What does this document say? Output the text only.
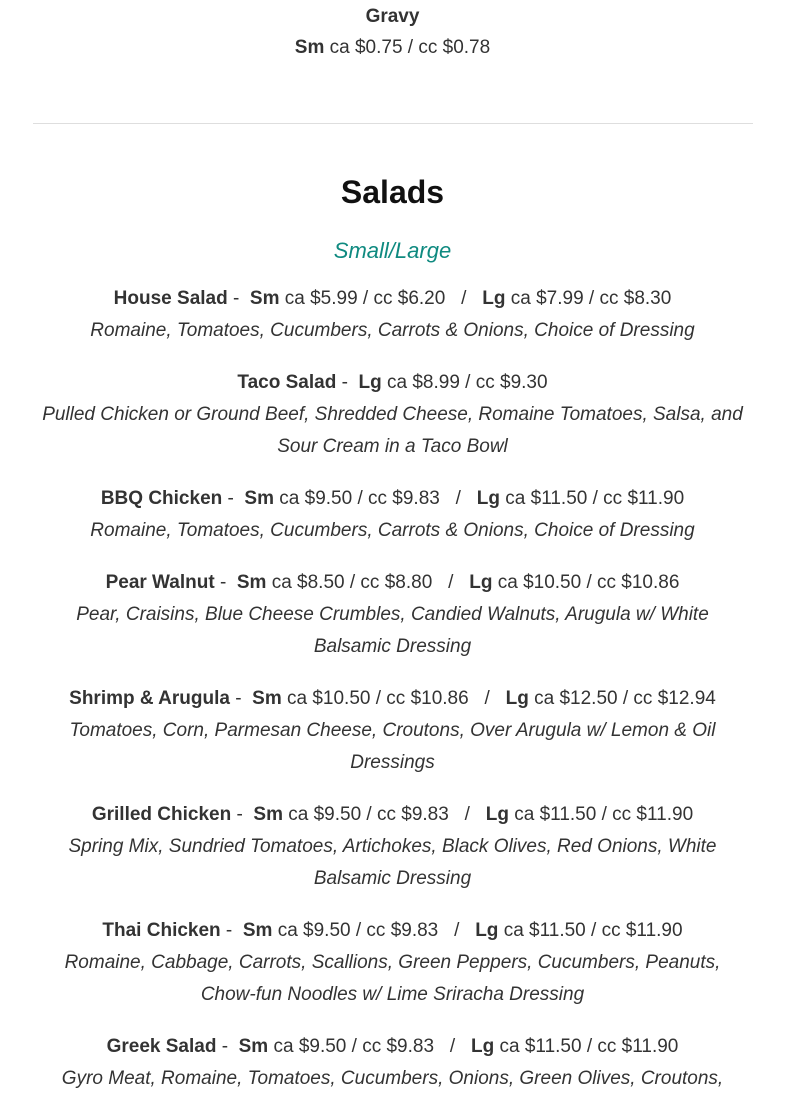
Gravy
Sm ca $0.75 / cc $0.78
Salads
Small/Large
House Salad -  Sm ca $5.99 / cc $6.20   /   Lg ca $7.99 / cc $8.30
Romaine, Tomatoes, Cucumbers, Carrots & Onions, Choice of Dressing
Taco Salad -  Lg ca $8.99 / cc $9.30
Pulled Chicken or Ground Beef, Shredded Cheese, Romaine Tomatoes, Salsa, and Sour Cream in a Taco Bowl
BBQ Chicken -  Sm ca $9.50 / cc $9.83   /   Lg ca $11.50 / cc $11.90
Romaine, Tomatoes, Cucumbers, Carrots & Onions, Choice of Dressing
Pear Walnut -  Sm ca $8.50 / cc $8.80   /   Lg ca $10.50 / cc $10.86
Pear, Craisins, Blue Cheese Crumbles, Candied Walnuts, Arugula w/ White Balsamic Dressing
Shrimp & Arugula -  Sm ca $10.50 / cc $10.86   /   Lg ca $12.50 / cc $12.94
Tomatoes, Corn, Parmesan Cheese, Croutons, Over Arugula w/ Lemon & Oil Dressings
Grilled Chicken -  Sm ca $9.50 / cc $9.83   /   Lg ca $11.50 / cc $11.90
Spring Mix, Sundried Tomatoes, Artichokes, Black Olives, Red Onions, White Balsamic Dressing
Thai Chicken -  Sm ca $9.50 / cc $9.83   /   Lg ca $11.50 / cc $11.90
Romaine, Cabbage, Carrots, Scallions, Green Peppers, Cucumbers, Peanuts, Chow-fun Noodles w/ Lime Sriracha Dressing
Greek Salad -  Sm ca $9.50 / cc $9.83   /   Lg ca $11.50 / cc $11.90
Gyro Meat, Romaine, Tomatoes, Cucumbers, Onions, Green Olives, Croutons,
